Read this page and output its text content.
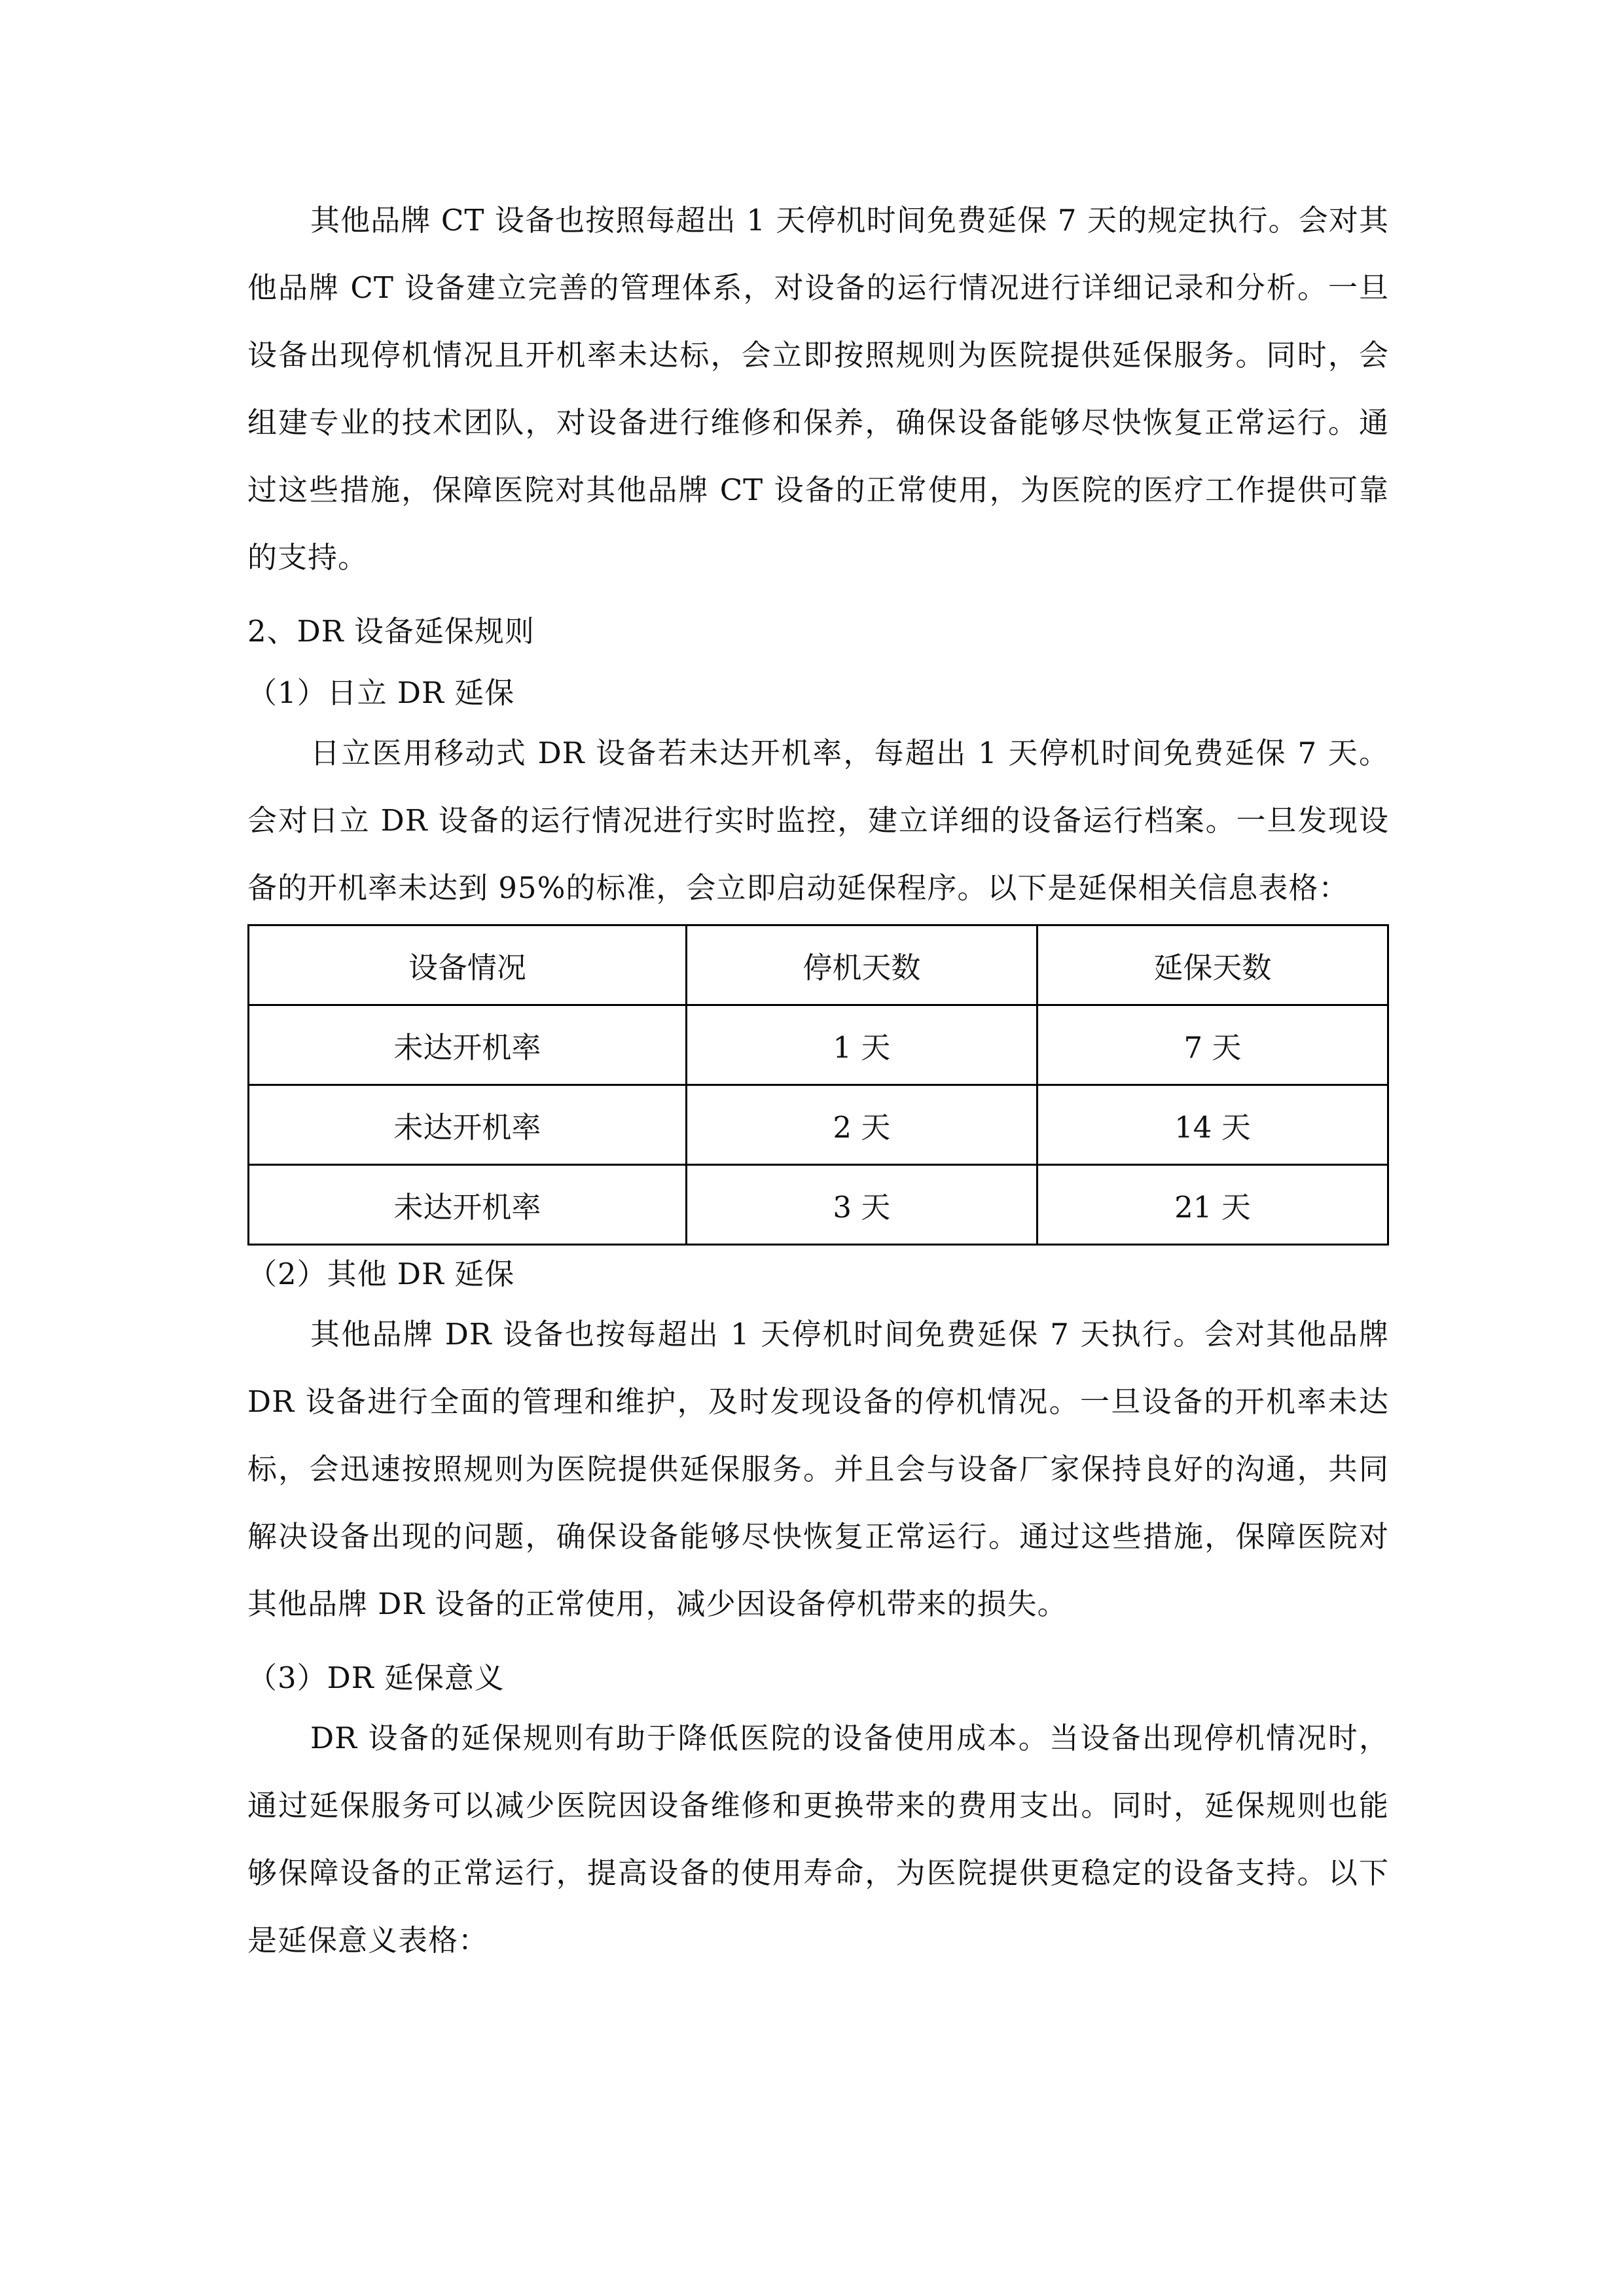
其他品牌 CT 设备也按照每超出 1 天停机时间免费延保 7 天的规定执行。会对其他品牌 CT 设备建立完善的管理体系，对设备的运行情况进行详细记录和分析。一旦设备出现停机情况且开机率未达标，会立即按照规则为医院提供延保服务。同时，会组建专业的技术团队，对设备进行维修和保养，确保设备能够尽快恢复正常运行。通过这些措施，保障医院对其他品牌 CT 设备的正常使用，为医院的医疗工作提供可靠的支持。

2、DR 设备延保规则

（1）日立 DR 延保

日立医用移动式 DR 设备若未达开机率，每超出 1 天停机时间免费延保 7 天。会对日立 DR 设备的运行情况进行实时监控，建立详细的设备运行档案。一旦发现设备的开机率未达到 95%的标准，会立即启动延保程序。以下是延保相关信息表格：

设备情况	停机天数	延保天数
未达开机率	1 天	7 天
未达开机率	2 天	14 天
未达开机率	3 天	21 天

（2）其他 DR 延保

其他品牌 DR 设备也按每超出 1 天停机时间免费延保 7 天执行。会对其他品牌 DR 设备进行全面的管理和维护，及时发现设备的停机情况。一旦设备的开机率未达标，会迅速按照规则为医院提供延保服务。并且会与设备厂家保持良好的沟通，共同解决设备出现的问题，确保设备能够尽快恢复正常运行。通过这些措施，保障医院对其他品牌 DR 设备的正常使用，减少因设备停机带来的损失。

（3）DR 延保意义

DR 设备的延保规则有助于降低医院的设备使用成本。当设备出现停机情况时，通过延保服务可以减少医院因设备维修和更换带来的费用支出。同时，延保规则也能够保障设备的正常运行，提高设备的使用寿命，为医院提供更稳定的设备支持。以下是延保意义表格：
